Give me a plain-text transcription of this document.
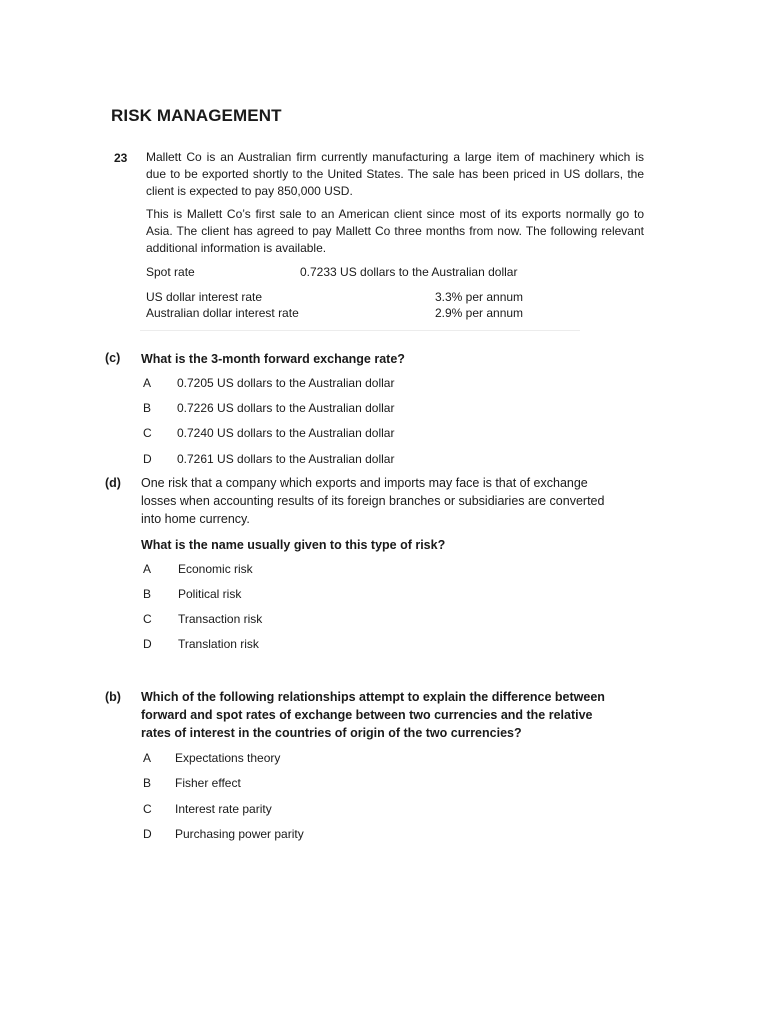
RISK MANAGEMENT
23 Mallett Co is an Australian firm currently manufacturing a large item of machinery which is due to be exported shortly to the United States. The sale has been priced in US dollars, the client is expected to pay 850,000 USD.
This is Mallett Co’s first sale to an American client since most of its exports normally go to Asia. The client has agreed to pay Mallett Co three months from now. The following relevant additional information is available.
Spot rate	0.7233 US dollars to the Australian dollar
US dollar interest rate	3.3% per annum
Australian dollar interest rate	2.9% per annum
(c) What is the 3-month forward exchange rate?
A 0.7205 US dollars to the Australian dollar
B 0.7226 US dollars to the Australian dollar
C 0.7240 US dollars to the Australian dollar
D 0.7261 US dollars to the Australian dollar
(d) One risk that a company which exports and imports may face is that of exchange losses when accounting results of its foreign branches or subsidiaries are converted into home currency.
What is the name usually given to this type of risk?
A Economic risk
B Political risk
C Transaction risk
D Translation risk
(b) Which of the following relationships attempt to explain the difference between forward and spot rates of exchange between two currencies and the relative rates of interest in the countries of origin of the two currencies?
A Expectations theory
B Fisher effect
C Interest rate parity
D Purchasing power parity
